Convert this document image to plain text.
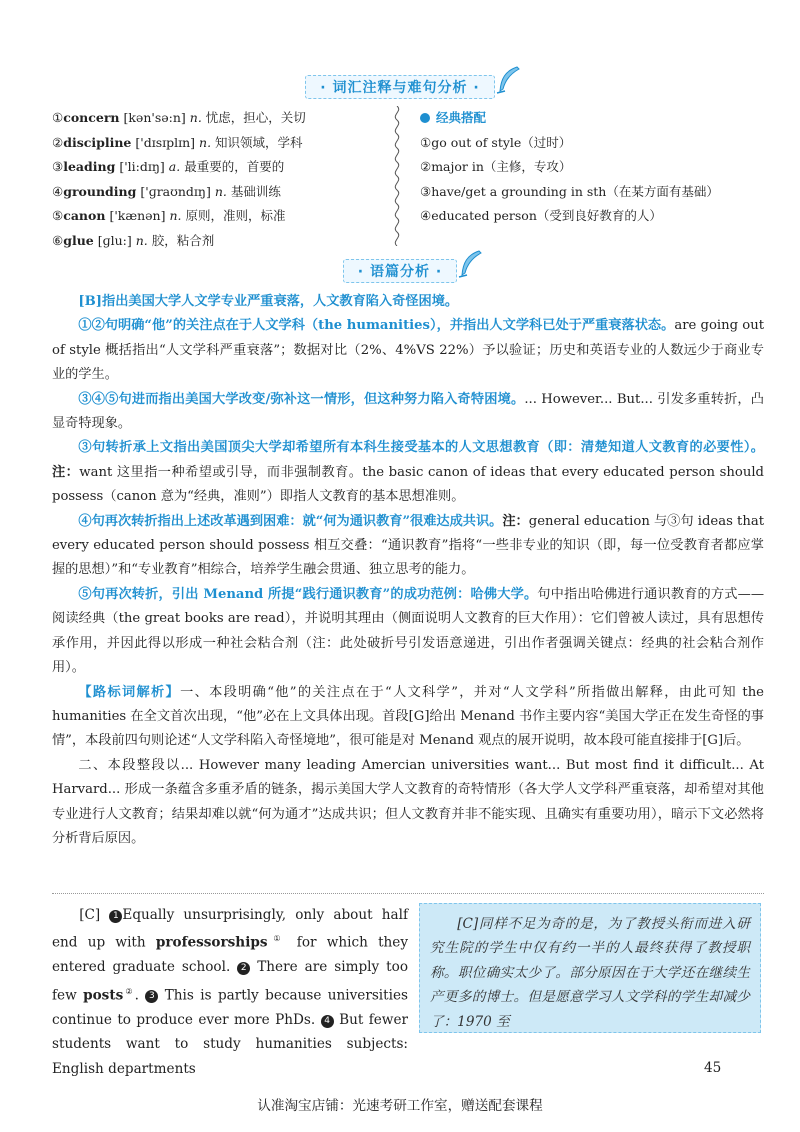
· 词汇注释与难句分析 ·
①concern [kən'sə:n] n. 忧虑，担心，关切
②discipline ['dɪsɪplɪn] n. 知识领域，学科
③leading ['li:dɪŋ] a. 最重要的，首要的
④grounding ['ɡraʊndɪŋ] n. 基础训练
⑤canon ['kænən] n. 原则，准则，标准
⑥glue [ɡlu:] n. 胶，粘合剂
经典搭配
①go out of style（过时）
②major in（主修，专攻）
③have/get a grounding in sth（在某方面有基础）
④educated person（受到良好教育的人）
· 语篇分析 ·

[B]指出美国大学人文学专业严重衰落，人文教育陷入奇怪困境。

①②句明确“他”的关注点在于人文学科（the humanities），并指出人文学科已处于严重衰落状态。are going out of style 概括指出“人文学科严重衰落”；数据对比（2%、4%VS 22%）予以验证；历史和英语专业的人数远少于商业专业的学生。

③④⑤句进而指出美国大学改变/弥补这一情形，但这种努力陷入奇特困境。... However... But... 引发多重转折，凸显奇特现象。

③句转折承上文指出美国顶尖大学却希望所有本科生接受基本的人文思想教育（即：清楚知道人文教育的必要性）。注：want 这里指一种希望或引导，而非强制教育。the basic canon of ideas that every educated person should possess（canon 意为“经典，准则”）即指人文教育的基本思想准则。

④句再次转折指出上述改革遇到困难：就“何为通识教育”很难达成共识。注：general education 与③句 ideas that every educated person should possess 相互交叠：“通识教育”指将“一些非专业的知识（即，每一位受教育者都应掌握的思想）”和“专业教育”相综合，培养学生融会贯通、独立思考的能力。

⑤句再次转折，引出 Menand 所提“践行通识教育”的成功范例：哈佛大学。句中指出哈佛进行通识教育的方式——阅读经典（the great books are read），并说明其理由（侧面说明人文教育的巨大作用）：它们曾被人读过，具有思想传承作用，并因此得以形成一种社会粘合剂（注：此处破折号引发语意递进，引出作者强调关键点：经典的社会粘合剂作用）。

【路标词解析】一、本段明确“他”的关注点在于“人文科学”，并对“人文学科”所指做出解释，由此可知 the humanities 在全文首次出现，“他”必在上文具体出现。首段[G]给出 Menand 书作主要内容“美国大学正在发生奇怪的事情”，本段前四句则论述“人文学科陷入奇怪境地”，很可能是对 Menand 观点的展开说明，故本段可能直接排于[G]后。

二、本段整段以... However many leading Amercian universities want... But most find it difficult... At Harvard... 形成一条蕴含多重矛盾的链条，揭示美国大学人文教育的奇特情形（各大学人文学科严重衰落，却希望对其他专业进行人文教育；结果却难以就“何为通才”达成共识；但人文教育并非不能实现、且确实有重要功用），暗示下文必然将分析背后原因。

[C] 1 Equally unsurprisingly, only about half end up with professorships① for which they entered graduate school. 2 There are simply too few posts②. 3 This is partly because universities continue to produce ever more PhDs. 4 But fewer students want to study humanities subjects: English departments
[C]同样不足为奇的是，为了教授头衔而进入研究生院的学生中仅有约一半的人最终获得了教授职称。职位确实太少了。部分原因在于大学还在继续生产更多的博士。但是愿意学习人文学科的学生却减少了：1970 至
45
认准淘宝店铺：光速考研工作室，赠送配套课程
